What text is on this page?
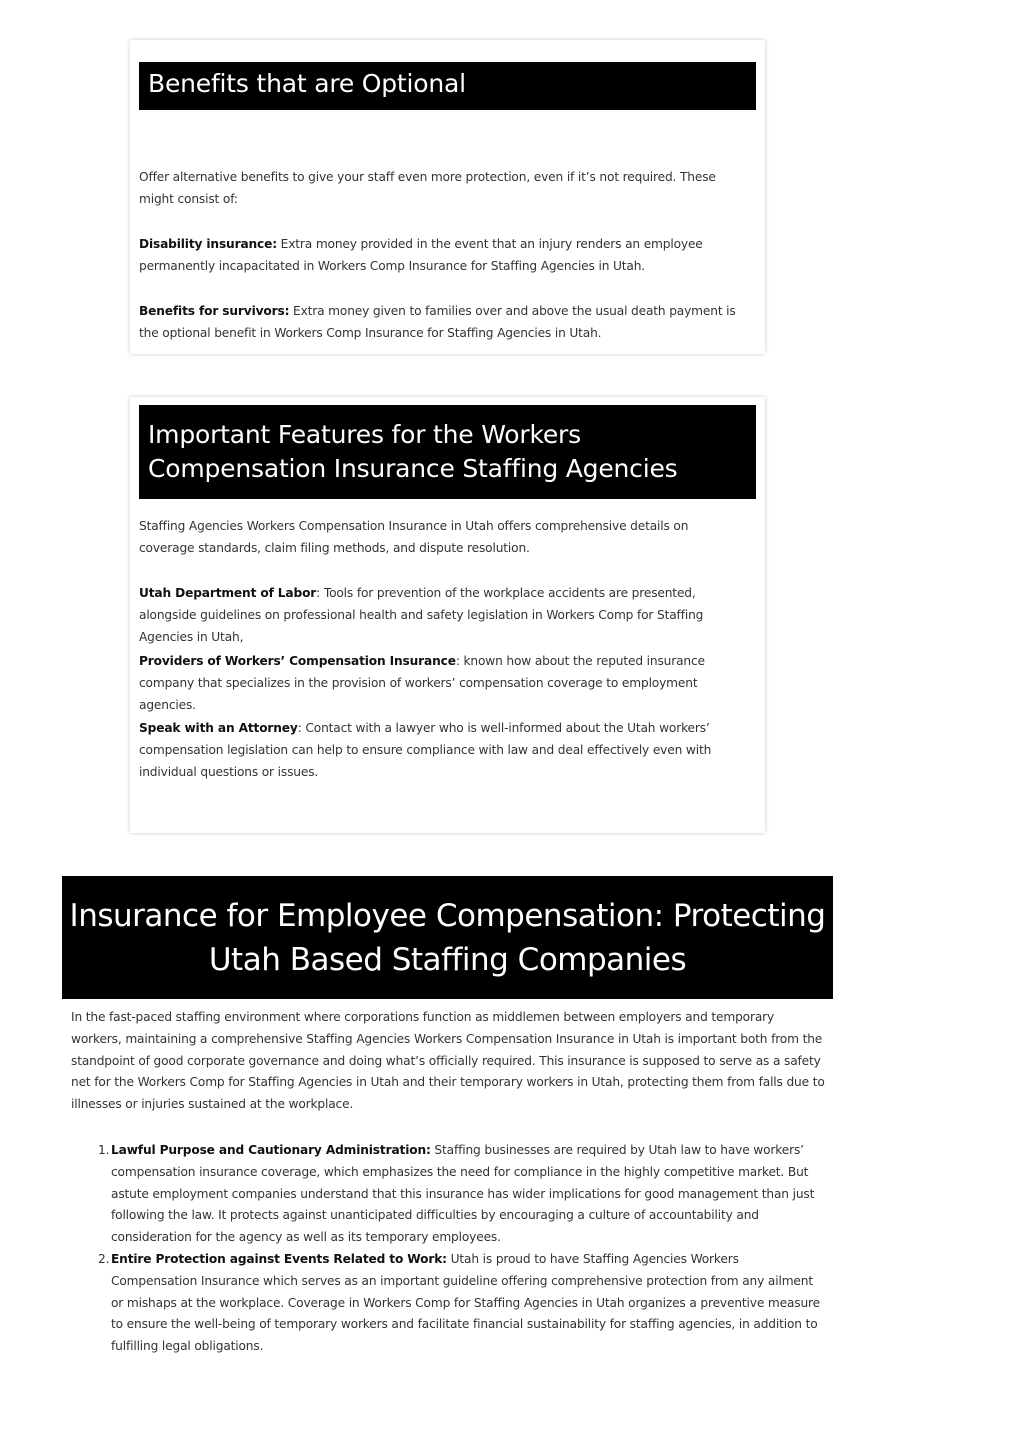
Benefits that are Optional

Offer alternative benefits to give your staff even more protection, even if it’s not required. These might consist of:

Disability insurance: Extra money provided in the event that an injury renders an employee permanently incapacitated in Workers Comp Insurance for Staffing Agencies in Utah.

Benefits for survivors: Extra money given to families over and above the usual death payment is the optional benefit in Workers Comp Insurance for Staffing Agencies in Utah.

Important Features for the Workers Compensation Insurance Staffing Agencies

Staffing Agencies Workers Compensation Insurance in Utah offers comprehensive details on coverage standards, claim filing methods, and dispute resolution.

Utah Department of Labor: Tools for prevention of the workplace accidents are presented, alongside guidelines on professional health and safety legislation in Workers Comp for Staffing Agencies in Utah,

Providers of Workers’ Compensation Insurance: known how about the reputed insurance company that specializes in the provision of workers’ compensation coverage to employment agencies.

Speak with an Attorney: Contact with a lawyer who is well-informed about the Utah workers’ compensation legislation can help to ensure compliance with law and deal effectively even with individual questions or issues.

Insurance for Employee Compensation: Protecting Utah Based Staffing Companies

In the fast-paced staffing environment where corporations function as middlemen between employers and temporary workers, maintaining a comprehensive Staffing Agencies Workers Compensation Insurance in Utah is important both from the standpoint of good corporate governance and doing what’s officially required. This insurance is supposed to serve as a safety net for the Workers Comp for Staffing Agencies in Utah and their temporary workers in Utah, protecting them from falls due to illnesses or injuries sustained at the workplace.

1. Lawful Purpose and Cautionary Administration: Staffing businesses are required by Utah law to have workers’ compensation insurance coverage, which emphasizes the need for compliance in the highly competitive market. But astute employment companies understand that this insurance has wider implications for good management than just following the law. It protects against unanticipated difficulties by encouraging a culture of accountability and consideration for the agency as well as its temporary employees.
2. Entire Protection against Events Related to Work: Utah is proud to have Staffing Agencies Workers Compensation Insurance which serves as an important guideline offering comprehensive protection from any ailment or mishaps at the workplace. Coverage in Workers Comp for Staffing Agencies in Utah organizes a preventive measure to ensure the well-being of temporary workers and facilitate financial sustainability for staffing agencies, in addition to fulfilling legal obligations.
